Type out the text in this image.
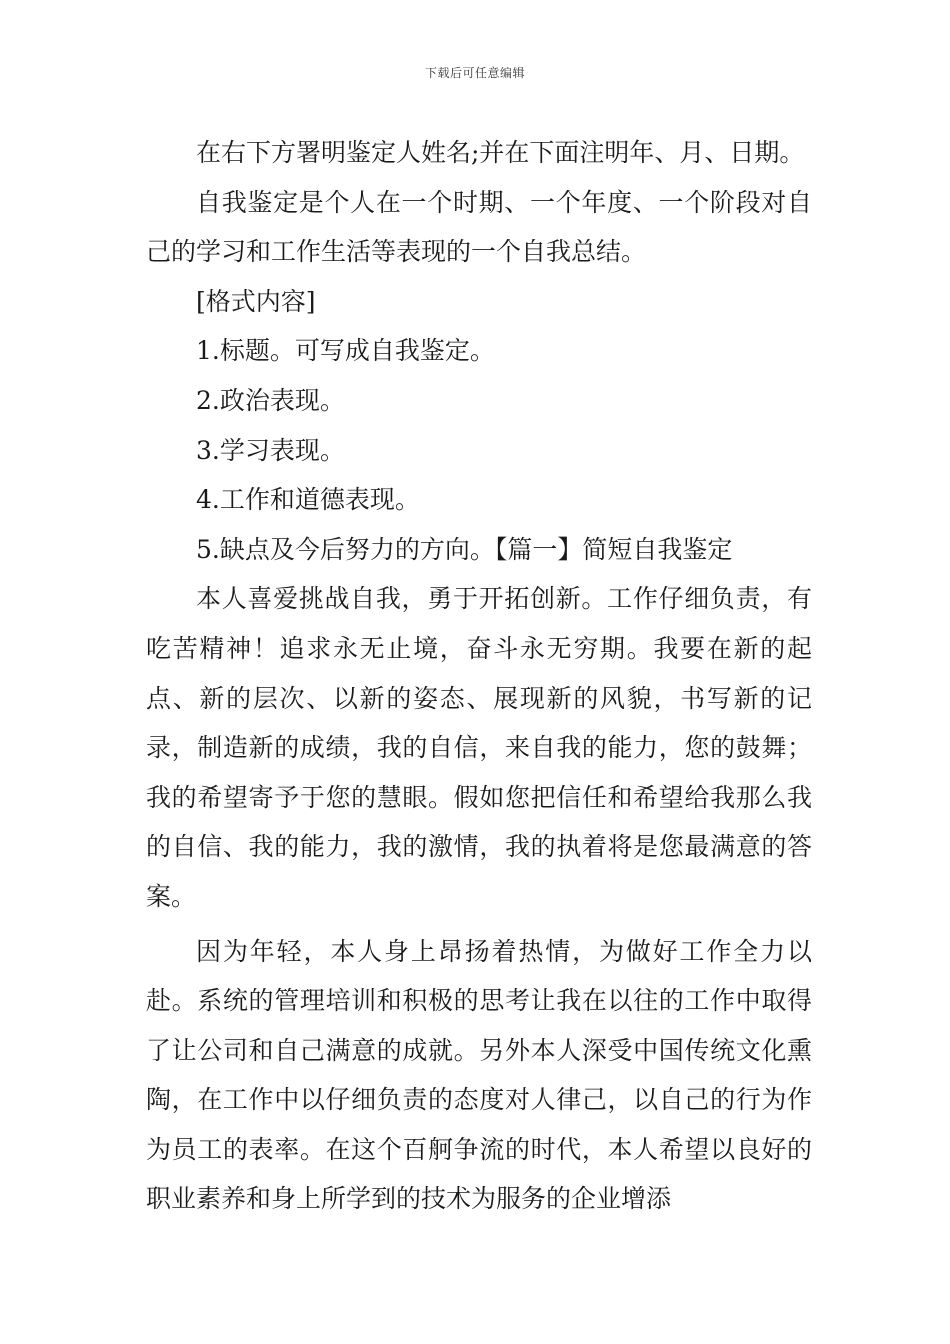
下载后可任意编辑

在右下方署明鉴定人姓名;并在下面注明年、月、日期。

自我鉴定是个人在一个时期、一个年度、一个阶段对自己的学习和工作生活等表现的一个自我总结。

[格式内容]

1.标题。可写成自我鉴定。

2.政治表现。

3.学习表现。

4.工作和道德表现。

5.缺点及今后努力的方向。【篇一】简短自我鉴定

本人喜爱挑战自我，勇于开拓创新。工作仔细负责，有吃苦精神！追求永无止境，奋斗永无穷期。我要在新的起点、新的层次、以新的姿态、展现新的风貌，书写新的记录，制造新的成绩，我的自信，来自我的能力，您的鼓舞；我的希望寄予于您的慧眼。假如您把信任和希望给我那么我的自信、我的能力，我的激情，我的执着将是您最满意的答案。

因为年轻，本人身上昂扬着热情，为做好工作全力以赴。系统的管理培训和积极的思考让我在以往的工作中取得了让公司和自己满意的成就。另外本人深受中国传统文化熏陶，在工作中以仔细负责的态度对人律己，以自己的行为作为员工的表率。在这个百舸争流的时代，本人希望以良好的职业素养和身上所学到的技术为服务的企业增添
